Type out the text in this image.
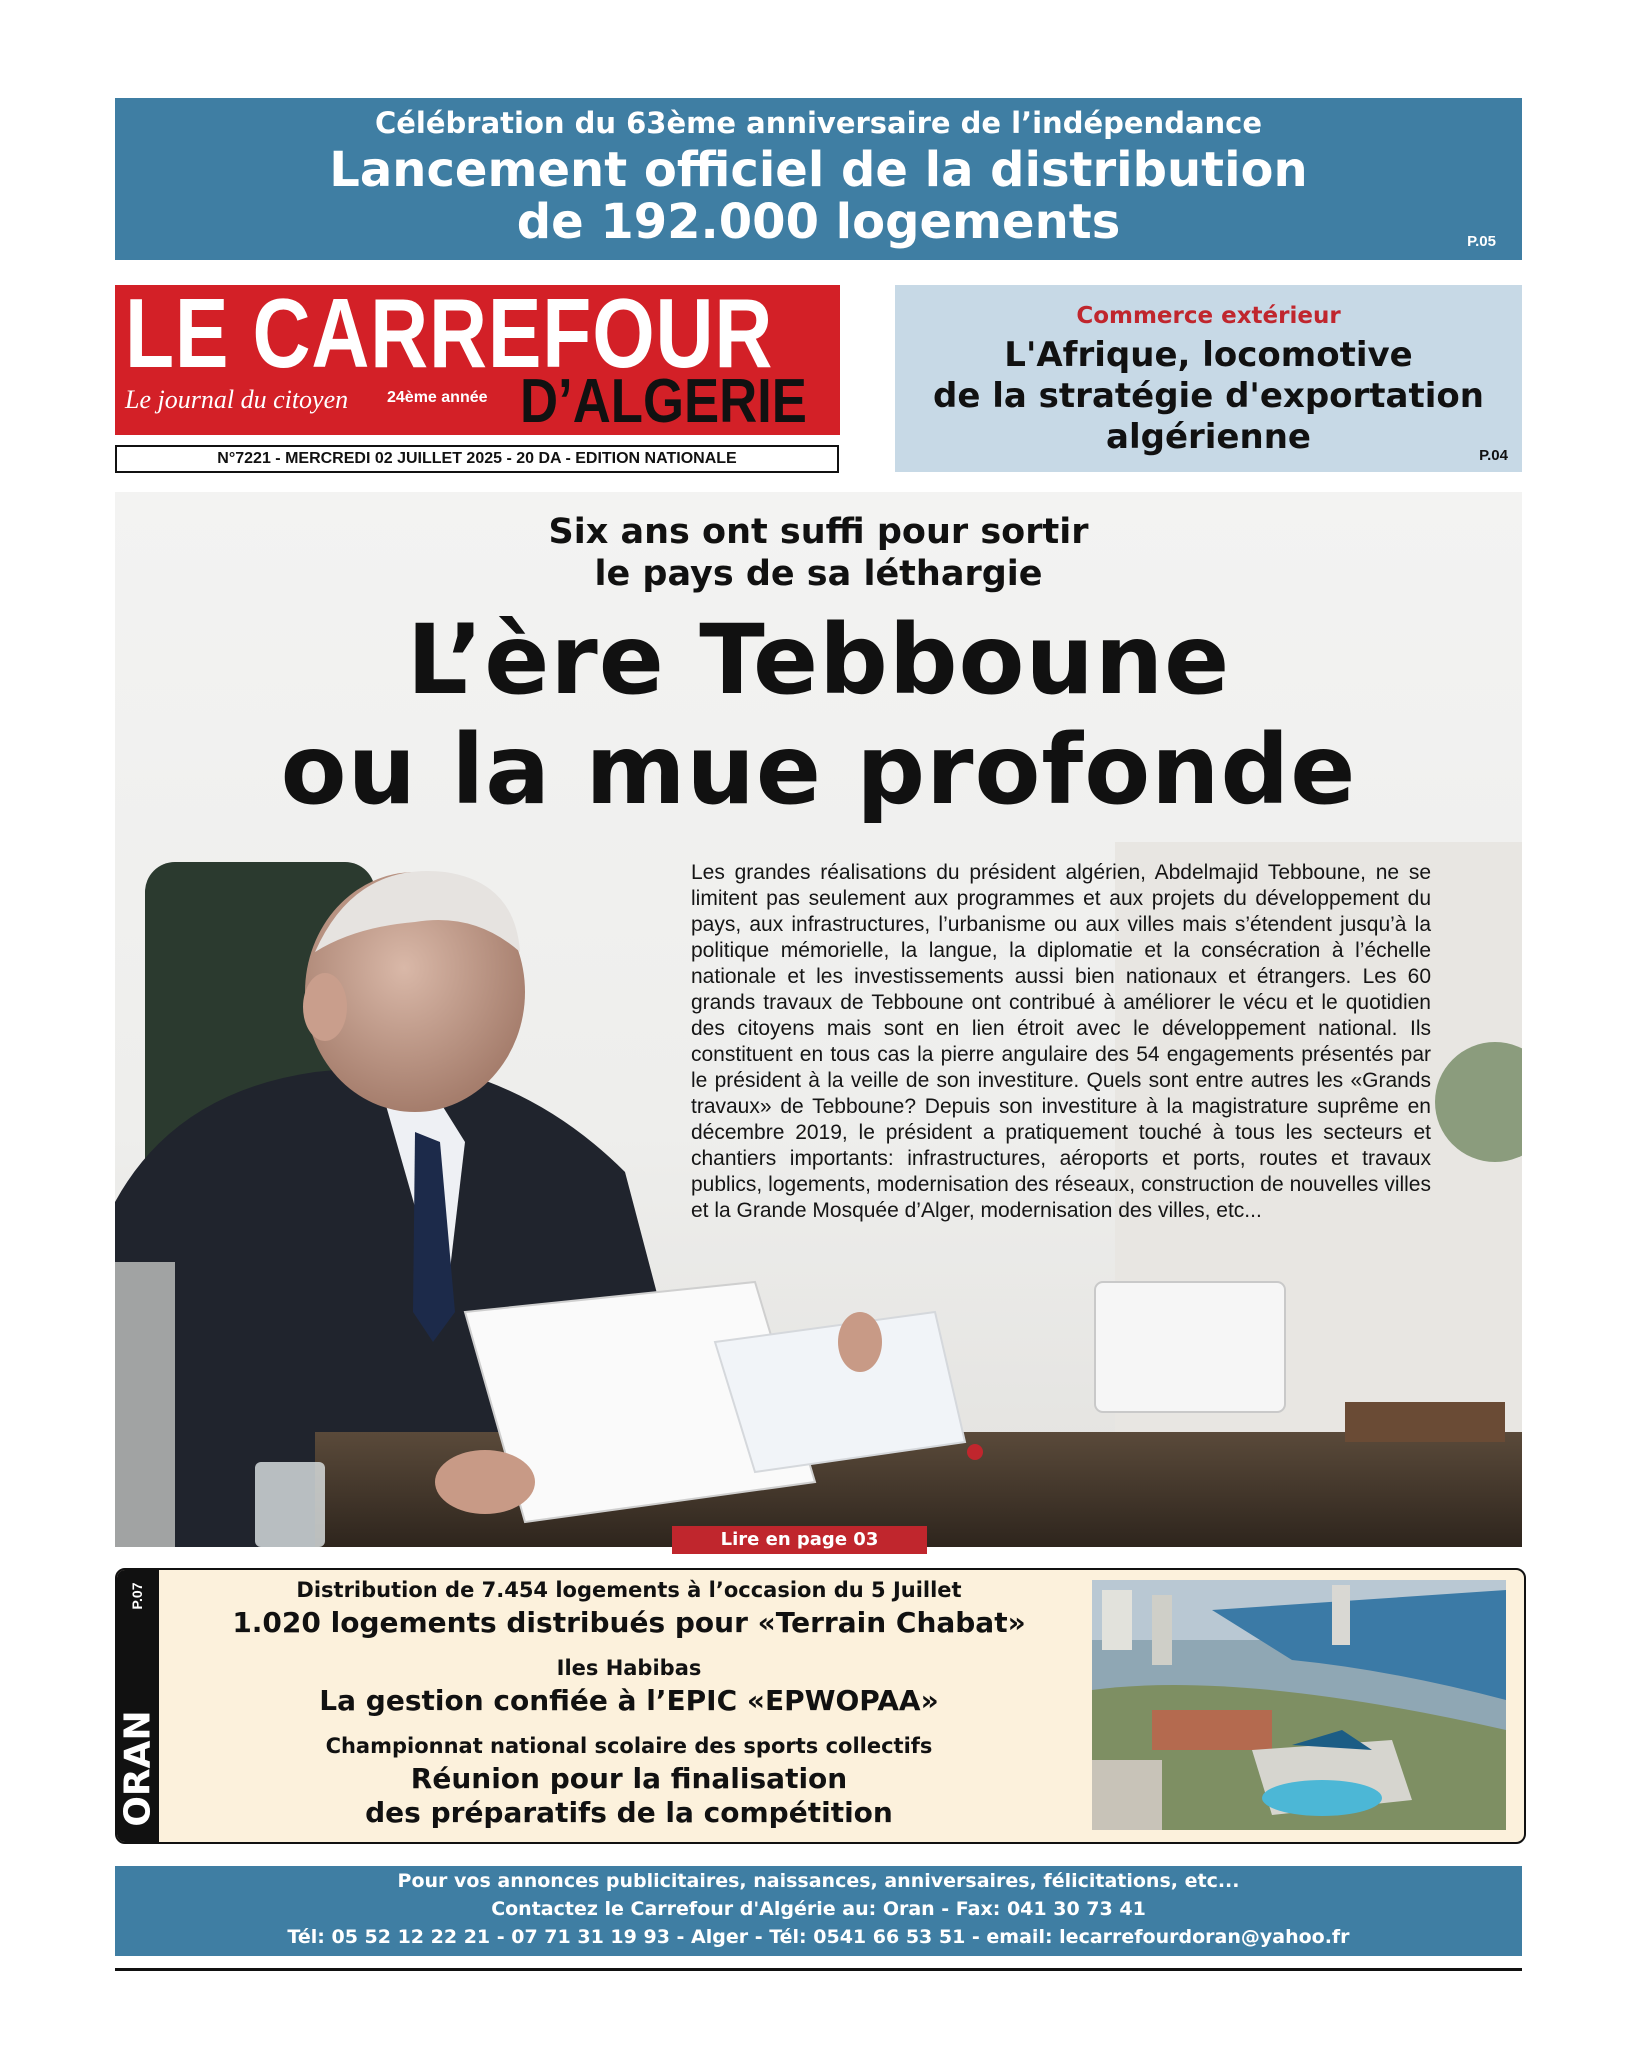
Célébration du 63ème anniversaire de l’indépendance
Lancement officiel de la distribution
de 192.000 logements	P.05
LE CARREFOUR
Le journal du citoyen 24ème année D’ALGERIE
N°7221 - MERCREDI 02 JUILLET 2025 - 20 DA - EDITION NATIONALE
Commerce extérieur
L'Afrique, locomotive
de la stratégie d'exportation
algérienne	P.04
Six ans ont suffi pour sortir
le pays de sa léthargie
L’ère Tebboune
ou la mue profonde
Les grandes réalisations du président algérien, Abdelmajid Tebboune, ne se limitent pas seulement aux programmes et aux projets du développement du pays, aux infrastructures, l’urbanisme ou aux villes mais s’étendent jusqu’à la politique mémorielle, la langue, la diplomatie et la consécration à l’échelle nationale et les investissements aussi bien nationaux et étrangers. Les 60 grands travaux de Tebboune ont contribué à améliorer le vécu et le quotidien des citoyens mais sont en lien étroit avec le développement national. Ils constituent en tous cas la pierre angulaire des 54 engagements présentés par le président à la veille de son investiture. Quels sont entre autres les «Grands travaux» de Tebboune? Depuis son investiture à la magistrature suprême en décembre 2019, le président a pratiquement touché à tous les secteurs et chantiers importants: infrastructures, aéroports et ports, routes et travaux publics, logements, modernisation des réseaux, construction de nouvelles villes et la Grande Mosquée d’Alger, modernisation des villes, etc...
Lire en page 03
P.07
ORAN
Distribution de 7.454 logements à l’occasion du 5 Juillet
1.020 logements distribués pour «Terrain Chabat»
Iles Habibas
La gestion confiée à l’EPIC «EPWOPAA»
Championnat national scolaire des sports collectifs
Réunion pour la finalisation
des préparatifs de la compétition
Pour vos annonces publicitaires, naissances, anniversaires, félicitations, etc...
Contactez le Carrefour d'Algérie au: Oran - Fax: 041 30 73 41
Tél: 05 52 12 22 21 - 07 71 31 19 93 - Alger - Tél: 0541 66 53 51 - email: lecarrefourdoran@yahoo.fr
